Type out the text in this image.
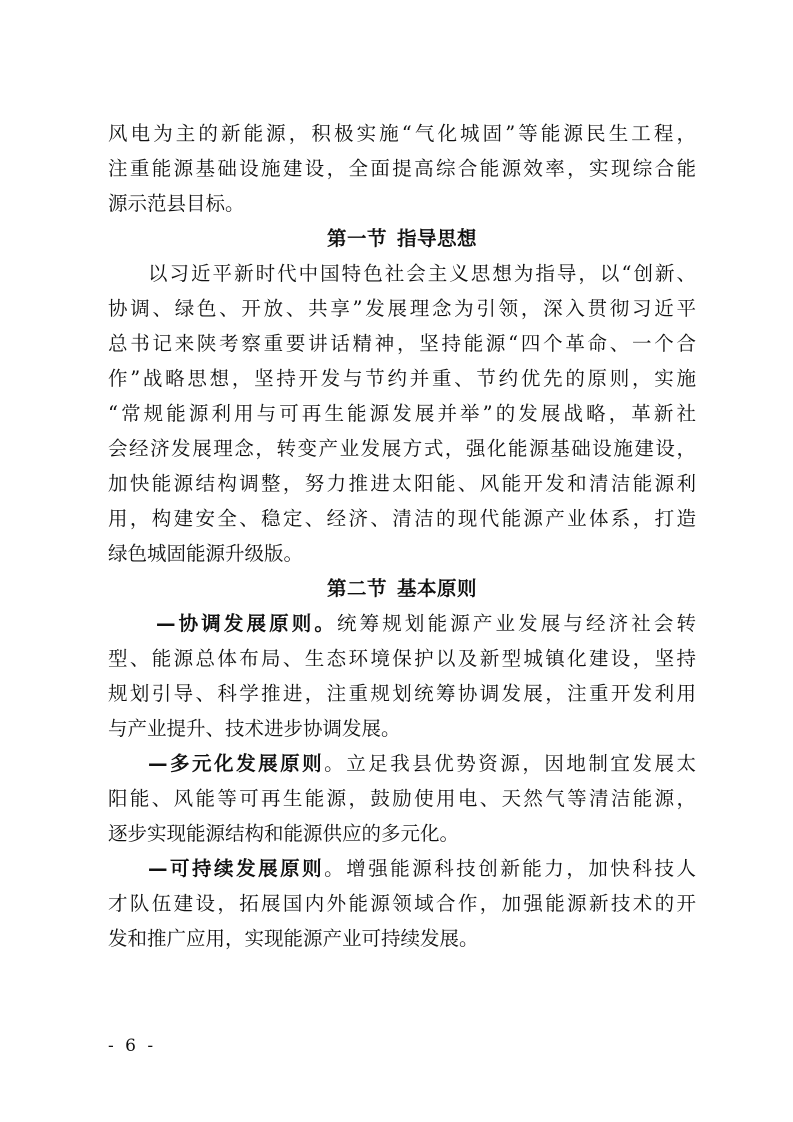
风电为主的新能源，积极实施“气化城固”等能源民生工程，
注重能源基础设施建设，全面提高综合能源效率，实现综合能
源示范县目标。
第一节 指导思想
以习近平新时代中国特色社会主义思想为指导，以“创新、
协调、绿色、开放、共享”发展理念为引领，深入贯彻习近平
总书记来陕考察重要讲话精神，坚持能源“四个革命、一个合
作”战略思想，坚持开发与节约并重、节约优先的原则，实施
“常规能源利用与可再生能源发展并举”的发展战略，革新社
会经济发展理念，转变产业发展方式，强化能源基础设施建设，
加快能源结构调整，努力推进太阳能、风能开发和清洁能源利
用，构建安全、稳定、经济、清洁的现代能源产业体系，打造
绿色城固能源升级版。
第二节 基本原则
—协调发展原则。统筹规划能源产业发展与经济社会转
型、能源总体布局、生态环境保护以及新型城镇化建设，坚持
规划引导、科学推进，注重规划统筹协调发展，注重开发利用
与产业提升、技术进步协调发展。
—多元化发展原则。立足我县优势资源，因地制宜发展太
阳能、风能等可再生能源，鼓励使用电、天然气等清洁能源，
逐步实现能源结构和能源供应的多元化。
—可持续发展原则。增强能源科技创新能力，加快科技人
才队伍建设，拓展国内外能源领域合作，加强能源新技术的开
发和推广应用，实现能源产业可持续发展。
- 6 -
